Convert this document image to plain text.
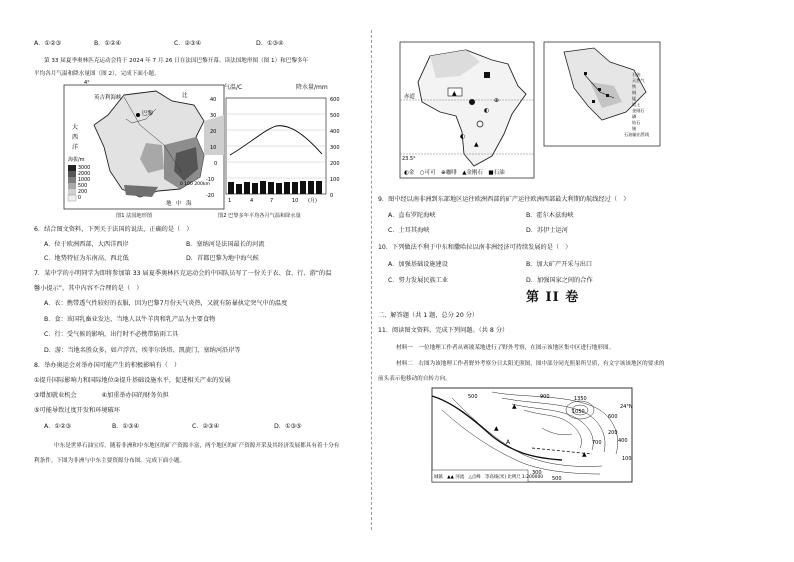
A．①②③	B．①②④	C．②③④	D．①③④
第 33 届夏季奥林匹克运动会将于 2024 年 7 月 26 日在法国巴黎开幕。读法国地形图（图 1）和巴黎多年
平均各月气温和降水量图（图 2），完成下面小题。
英吉利海峡	比
大
西
洋
巴黎
地 中 海
4°
海拔/m
3000
2000
1000
500
200
0
0 100 200km
图1 法国地形图
气温/C	降水量/mm
40
30
20
10
0
-10
-20
600
500
400
300
200
100
0
1	4	7	10 (月)
图2 巴黎多年平均各月气温和降水量
6．结合图文资料，下列关于法国的说法，正确的是（　）
A．位于欧洲西部，大西洋西岸	B．塞纳河是法国最长的河流
C．地势特征为东南高、西北低	D．首都巴黎为地中海气候
7．某中学的小明同学为即将参加第 33 届夏季奥林匹克运动会的中国队员写了一份关于衣、食、行、游“的温
馨小提示”，其中内容不合理的是（　）
A．衣：携带透气性较好的衣服，因为巴黎7月份天气炎热，又就有防暴执定突气中的温度
B．食：该国乳畜业发达，当地人以牛羊肉和乳产品为主要食物
C．行：受气候的影响，出行时不必携带防雨工具
D．游：当地名胜众多，如卢浮宫、埃菲尔铁塔、凯旋门、塞纳河沿岸等
8．举办奥运会对举办国可能产生的积极影响有（　）
①提升国际影响力和国际地位②提升基础设施水平，促进相关产业的发展
③增加就业机会　　　　④加重举办国的财务负担
⑤可能导致过度开发和环境破坏
A．①②③	B．①③④	C．②③④	D．①③⑤
中东是世界石油宝库。随着非洲和中东地区的矿产资源丰富，两个地区的矿产资源开采及其经济发展都具有着十分有
利条件。下图为非洲与中东主要资源分布图。完成下面小题。
赤道
23.5°
▲
◐
▲
◐
⊕
◐金　○可可　⊕咖啡　▲金刚石　■石油
石油
天然气
铁
铜
锰
铝土
金刚石
磷
钻石
铀
石油输出管线
9．图中经以南非洲到东部地区运往欧洲西部的矿产运往欧洲西部最大利期的航线经过（　）
A．直布罗陀海峡	B．霍尔木兹海峡
C．土耳其海峡	D．苏伊士运河
10．下列做法不利于中东和撒哈拉以南非洲经济可持续发展的是（　）
A．加强基础设施建设	B．加大矿产开采与出口
C．努力发展民族工业	D．加强国家之间的合作
第 II 卷
二、解答题（共 1 题，总分 20 分）
11．阅读图文资料，完成下列问题。（共 8 分）
材料一　一位地理工作者从赛玻某地进行了野外考察，在图示该地区集中区进行地形图。
材料二　右图为该地理工作者野外考察分日太阳光照图，图中部分同光照果所呈质，有文字该该地区的要求的
前头表示他移动的自转方向。
▲
▲
▲
1350
1050
900
600
500
400
300
200
100
500
700
A
24°N
城镇　▲▲ 河流　△点峰　等高线(米) 比例尺 1:200000
